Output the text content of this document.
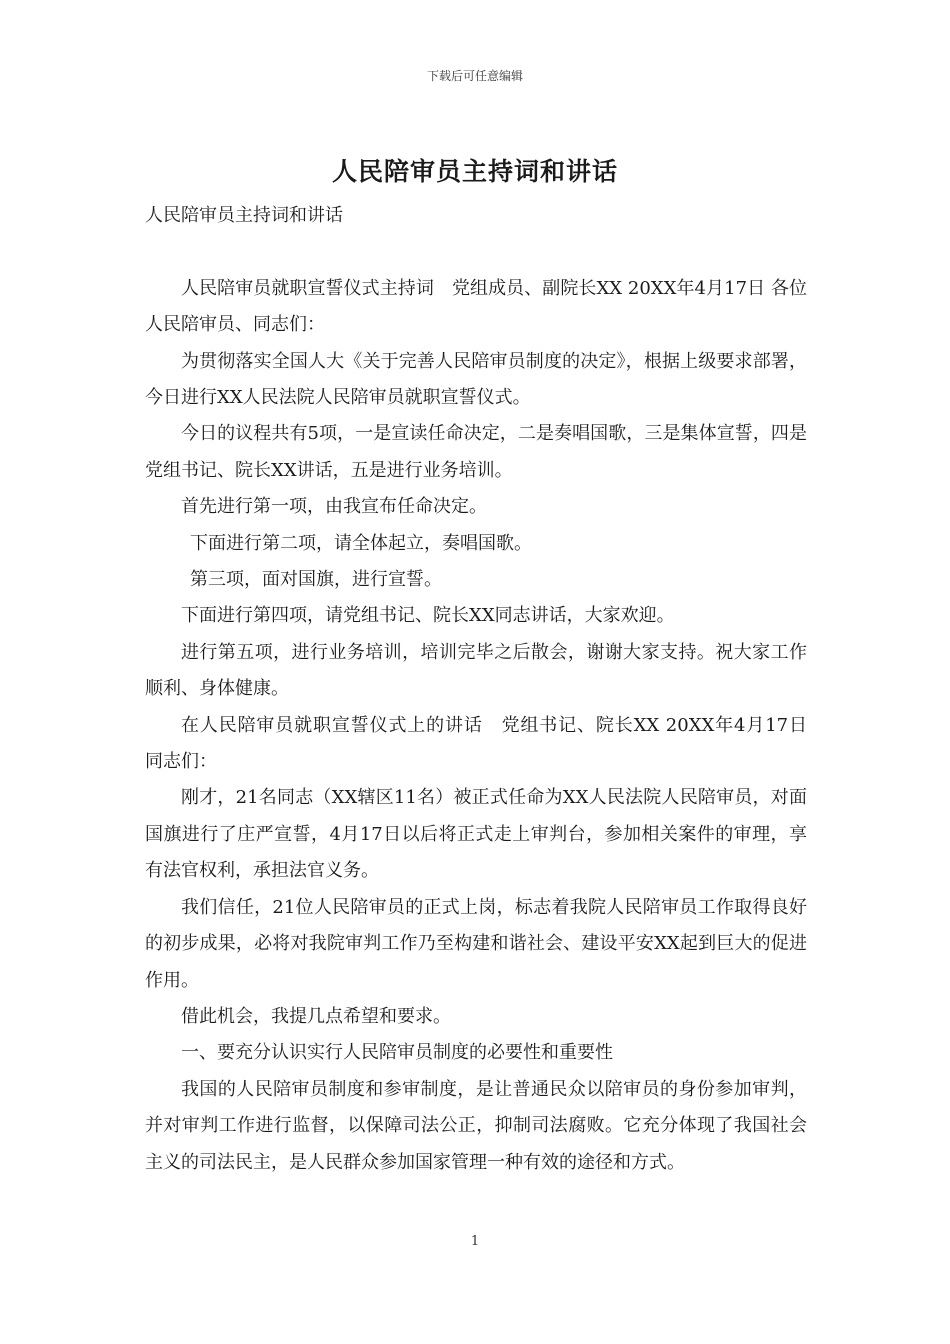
下载后可任意编辑
人民陪审员主持词和讲话

人民陪审员主持词和讲话

人民陪审员就职宣誓仪式主持词　党组成员、副院长XX 20XX年4月17日 各位人民陪审员、同志们：

为贯彻落实全国人大《关于完善人民陪审员制度的决定》，根据上级要求部署，今日进行XX人民法院人民陪审员就职宣誓仪式。

今日的议程共有5项，一是宣读任命决定，二是奏唱国歌，三是集体宣誓，四是党组书记、院长XX讲话，五是进行业务培训。

首先进行第一项，由我宣布任命决定。

下面进行第二项，请全体起立，奏唱国歌。

第三项，面对国旗，进行宣誓。

下面进行第四项，请党组书记、院长XX同志讲话，大家欢迎。

进行第五项，进行业务培训，培训完毕之后散会，谢谢大家支持。祝大家工作顺利、身体健康。

在人民陪审员就职宣誓仪式上的讲话　党组书记、院长XX 20XX年4月17日　同志们：

刚才，21名同志（XX辖区11名）被正式任命为XX人民法院人民陪审员，对面国旗进行了庄严宣誓，4月17日以后将正式走上审判台，参加相关案件的审理，享有法官权利，承担法官义务。

我们信任，21位人民陪审员的正式上岗，标志着我院人民陪审员工作取得良好的初步成果，必将对我院审判工作乃至构建和谐社会、建设平安XX起到巨大的促进作用。

借此机会，我提几点希望和要求。

一、要充分认识实行人民陪审员制度的必要性和重要性

我国的人民陪审员制度和参审制度，是让普通民众以陪审员的身份参加审判，并对审判工作进行监督，以保障司法公正，抑制司法腐败。它充分体现了我国社会主义的司法民主，是人民群众参加国家管理一种有效的途径和方式。

1
